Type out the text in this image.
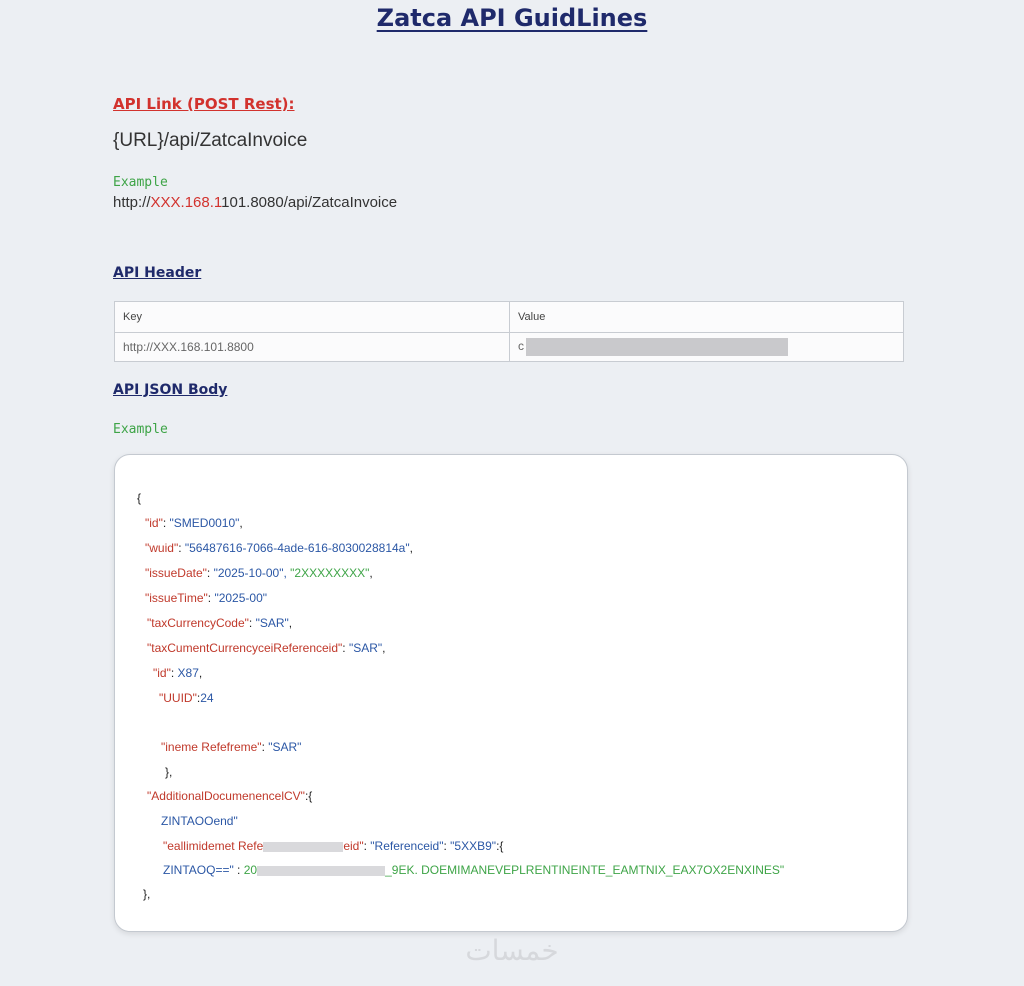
Zatca API GuidLines
API Link (POST Rest):
{URL}/api/ZatcaInvoice
Example
http://XXX.168.1101.8080/api/ZatcaInvoice
API Header
Key	Value
http://XXX.168.101.8800	c
API JSON Body
Example
{
"id": "SMED0010",
"wuid": "56487616-7066-4ade-616-8030028814a",
"issueDate": "2025-10-00", "2XXXXXXXX",
"issueTime": "2025-00"
"taxCurrencyCode": "SAR",
"taxCumentCurrencyceiReferenceid": "SAR",
"id": X87,
"UUID":24
"ineme Refefreme": "SAR"
},
"AdditionalDocumenencelCV":{
ZINTAOOend"
"eallimidemet Refe	eid": "Referenceid": "5XXB9":{
ZINTAOQ==" : 20	_9EK. DOEMIMANEVEPLRENTINEINTE_EAMTNIX_EAX7OX2ENXINES"
},
خمسات
